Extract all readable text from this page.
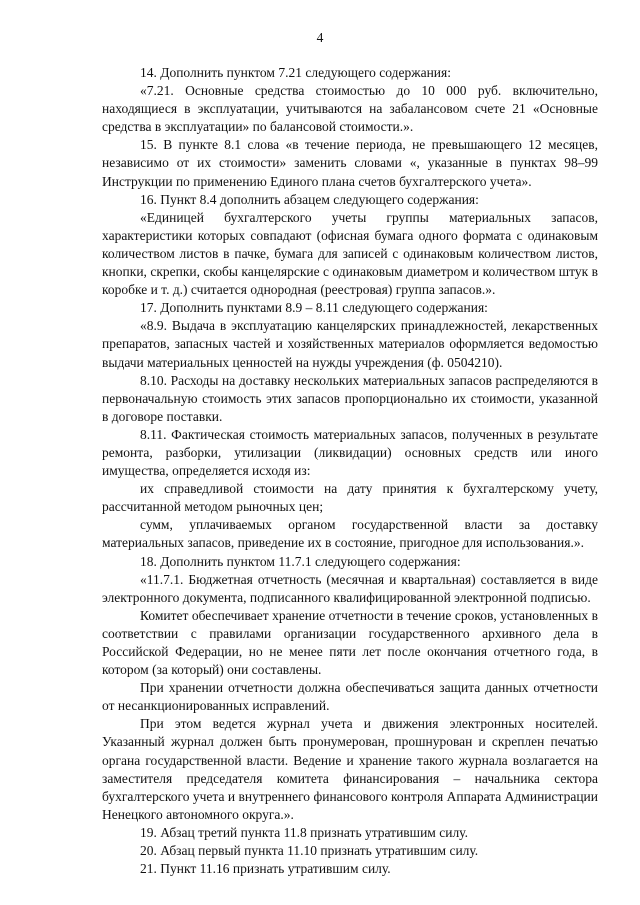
4

14. Дополнить пунктом 7.21 следующего содержания:

«7.21. Основные средства стоимостью до 10 000 руб. включительно, находящиеся в эксплуатации, учитываются на забалансовом счете 21 «Основные средства в эксплуатации» по балансовой стоимости.».

15. В пункте 8.1 слова «в течение периода, не превышающего 12 месяцев, независимо от их стоимости» заменить словами «, указанные в пунктах 98–99 Инструкции по применению Единого плана счетов бухгалтерского учета».

16. Пункт 8.4 дополнить абзацем следующего содержания:

«Единицей бухгалтерского учеты группы материальных запасов, характеристики которых совпадают (офисная бумага одного формата с одинаковым количеством листов в пачке, бумага для записей с одинаковым количеством листов, кнопки, скрепки, скобы канцелярские с одинаковым диаметром и количеством штук в коробке и т. д.) считается однородная (реестровая) группа запасов.».

17. Дополнить пунктами 8.9 – 8.11 следующего содержания:

«8.9. Выдача в эксплуатацию канцелярских принадлежностей, лекарственных препаратов, запасных частей и хозяйственных материалов оформляется ведомостью выдачи материальных ценностей на нужды учреждения (ф. 0504210).

8.10. Расходы на доставку нескольких материальных запасов распределяются в первоначальную стоимость этих запасов пропорционально их стоимости, указанной в договоре поставки.

8.11. Фактическая стоимость материальных запасов, полученных в результате ремонта, разборки, утилизации (ликвидации) основных средств или иного имущества, определяется исходя из:

их справедливой стоимости на дату принятия к бухгалтерскому учету, рассчитанной методом рыночных цен;

сумм, уплачиваемых органом государственной власти за доставку материальных запасов, приведение их в состояние, пригодное для использования.».

18. Дополнить пунктом 11.7.1 следующего содержания:

«11.7.1. Бюджетная отчетность (месячная и квартальная) составляется в виде электронного документа, подписанного квалифицированной электронной подписью.

Комитет обеспечивает хранение отчетности в течение сроков, установленных в соответствии с правилами организации государственного архивного дела в Российской Федерации, но не менее пяти лет после окончания отчетного года, в котором (за который) они составлены.

При хранении отчетности должна обеспечиваться защита данных отчетности от несанкционированных исправлений.

При этом ведется журнал учета и движения электронных носителей. Указанный журнал должен быть пронумерован, прошнурован и скреплен печатью органа государственной власти. Ведение и хранение такого журнала возлагается на заместителя председателя комитета финансирования – начальника сектора бухгалтерского учета и внутреннего финансового контроля Аппарата Администрации Ненецкого автономного округа.».

19. Абзац третий пункта 11.8 признать утратившим силу.

20. Абзац первый пункта 11.10 признать утратившим силу.

21. Пункт 11.16 признать утратившим силу.
